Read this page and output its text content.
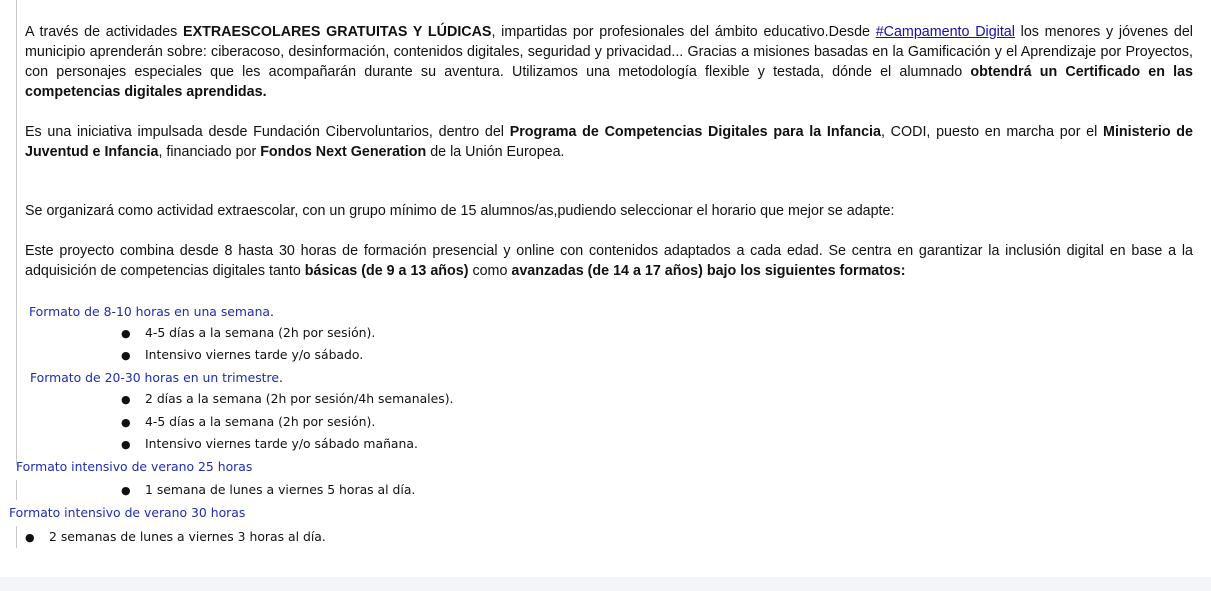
A través de actividades EXTRAESCOLARES GRATUITAS Y LÚDICAS, impartidas por profesionales del ámbito educativo.Desde #Campamento Digital los menores y jóvenes del municipio aprenderán sobre: ciberacoso, desinformación, contenidos digitales, seguridad y privacidad... Gracias a misiones basadas en la Gamificación y el Aprendizaje por Proyectos, con personajes especiales que les acompañarán durante su aventura. Utilizamos una metodología flexible y testada, dónde el alumnado obtendrá un Certificado en las competencias digitales aprendidas.

Es una iniciativa impulsada desde Fundación Cibervoluntarios, dentro del Programa de Competencias Digitales para la Infancia, CODI, puesto en marcha por el Ministerio de Juventud e Infancia, financiado por Fondos Next Generation de la Unión Europea.

Se organizará como actividad extraescolar, con un grupo mínimo de 15 alumnos/as,pudiendo seleccionar el horario que mejor se adapte:

Este proyecto combina desde 8 hasta 30 horas de formación presencial y online con contenidos adaptados a cada edad. Se centra en garantizar la inclusión digital en base a la adquisición de competencias digitales tanto básicas (de 9 a 13 años) como avanzadas (de 14 a 17 años) bajo los siguientes formatos:

Formato de 8-10 horas en una semana.

● 4-5 días a la semana (2h por sesión).
● Intensivo viernes tarde y/o sábado.

Formato de 20-30 horas en un trimestre.

● 2 días a la semana (2h por sesión/4h semanales).
● 4-5 días a la semana (2h por sesión).
● Intensivo viernes tarde y/o sábado mañana.

Formato intensivo de verano 25 horas

● 1 semana de lunes a viernes 5 horas al día.

Formato intensivo de verano 30 horas

● 2 semanas de lunes a viernes 3 horas al día.
